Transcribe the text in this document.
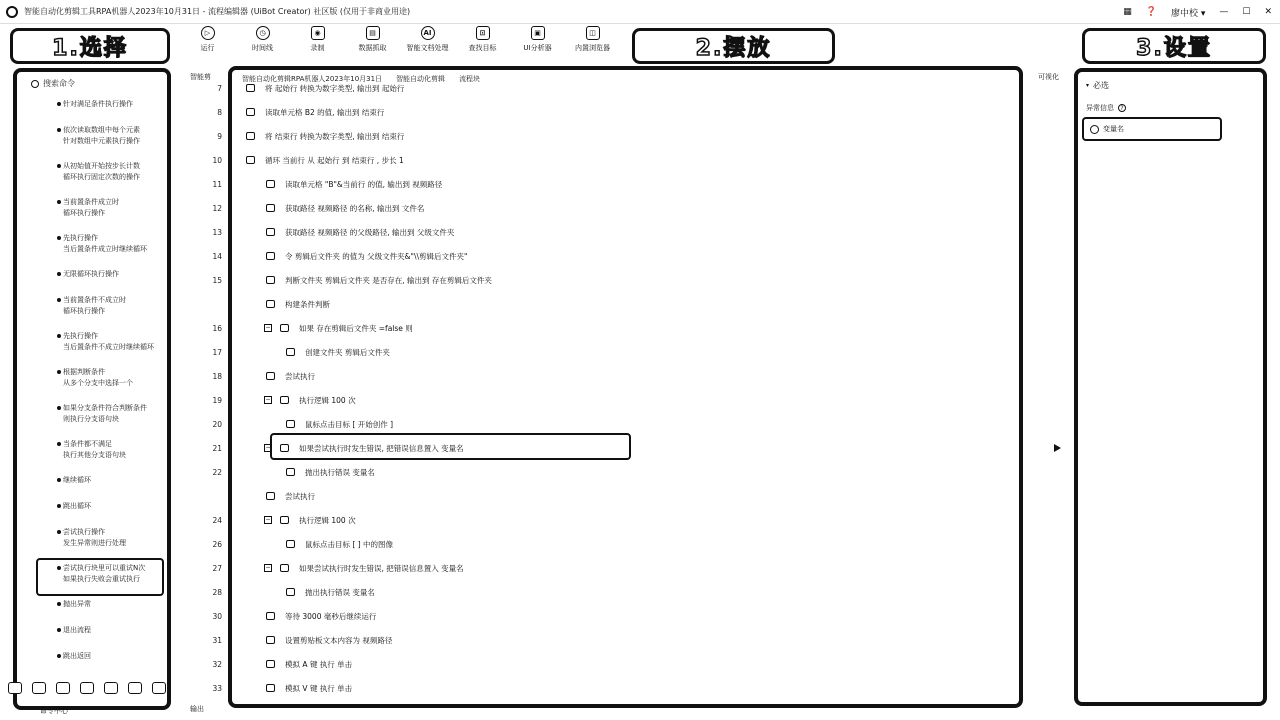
智能自动化剪辑工具RPA机器人2023年10月31日 - 流程编辑器 (UiBot Creator) 社区版 (仅用于非商业用途)	▦ ❓ 廖中校 ▾ — ☐ ✕
▷
运行
◷
时间线
◉
录制
▤
数据抓取
AI
智能文档处理
⊡
查找目标
▣
UI分析器
◫
内置浏览器
1.选择	2.摆放	3.设置
搜索命令
针对满足条件执行操作
依次读取数组中每个元素
针对数组中元素执行操作
从初始值开始按步长计数
循环执行固定次数的操作
当前置条件成立时
循环执行操作
先执行操作
当后置条件成立时继续循环
无限循环执行操作
当前置条件不成立时
循环执行操作
先执行操作
当后置条件不成立时继续循环
根据判断条件
从多个分支中选择一个
如果分支条件符合判断条件
则执行分支语句块
当条件都不满足
执行其他分支语句块
继续循环
跳出循环
尝试执行操作
发生异常则进行处理
尝试执行块里可以重试N次
如果执行失败会重试执行
抛出异常
退出流程
跳出返回
命令中心	输出
智能剪	智能自动化剪辑RPA机器人2023年10月31日 智能自动化剪辑 流程块	可视化
7	将 起始行 转换为数字类型, 输出到 起始行
8	读取单元格 B2 的值, 输出到 结束行
9	将 结束行 转换为数字类型, 输出到 结束行
10	循环 当前行 从 起始行 到 结束行 , 步长 1
11	读取单元格 "B"&当前行 的值, 输出到 视频路径
12	获取路径 视频路径 的名称, 输出到 文件名
13	获取路径 视频路径 的父级路径, 输出到 父级文件夹
14	令 剪辑后文件夹 的值为 父级文件夹&"\\剪辑后文件夹"
15	判断文件夹 剪辑后文件夹 是否存在, 输出到 存在剪辑后文件夹
构建条件判断
16	−	如果 存在剪辑后文件夹 =false 则
17	创建文件夹 剪辑后文件夹
18	尝试执行
19	−	执行逻辑 100 次
20	鼠标点击目标 [ 开始创作 ]
21	−	如果尝试执行时发生错误, 把错误信息置入 变量名
22	抛出执行错误 变量名
尝试执行
24	−	执行逻辑 100 次
26	鼠标点击目标 [ ] 中的图像
27	−	如果尝试执行时发生错误, 把错误信息置入 变量名
28	抛出执行错误 变量名
30	等待 3000 毫秒后继续运行
31	设置剪贴板文本内容为 视频路径
32	模拟 A 键 执行 单击
33	模拟 V 键 执行 单击
▾ 必选
异常信息	?
变量名
